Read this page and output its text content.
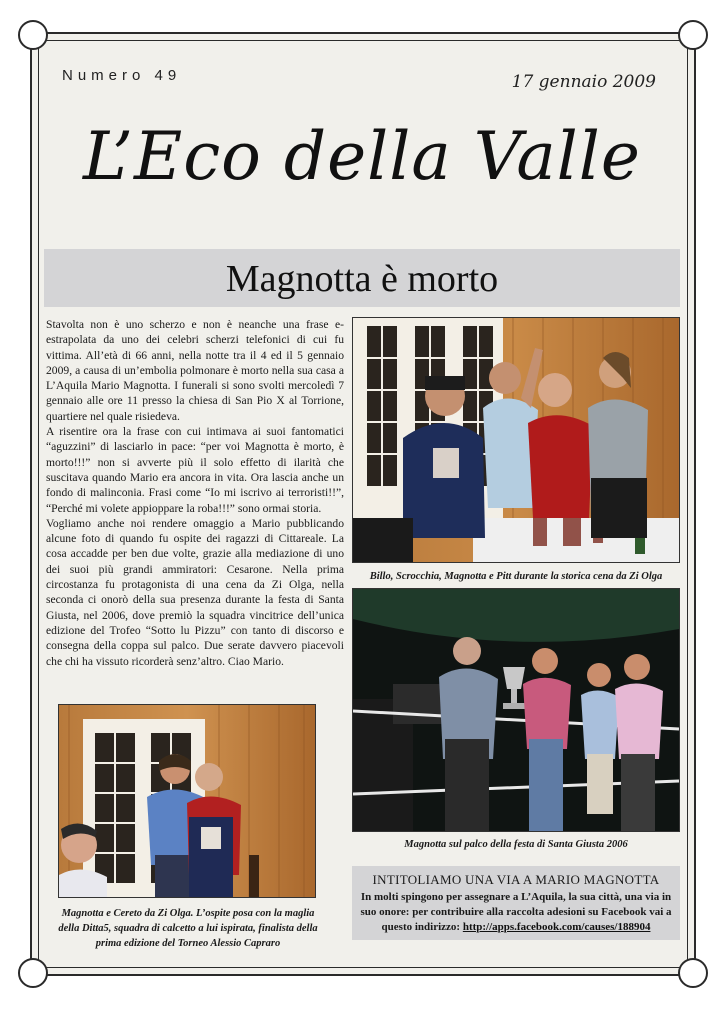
Numero 49	17 gennaio 2009
L’Eco della Valle
Magnotta è morto

Stavolta non è uno scherzo e non è neanche una frase e-estrapolata da uno dei celebri scherzi telefonici di cui fu vittima. All’età di 66 anni, nella notte tra il 4 ed il 5 gennaio 2009, a causa di un’embolia polmonare è morto nella sua casa a L’Aquila Mario Magnotta. I funerali si sono svolti mercoledì 7 gennaio alle ore 11 presso la chiesa di San Pio X al Torrione, quartiere nel quale risiedeva.

A risentire ora la frase con cui intimava ai suoi fantomatici “aguzzini” di lasciarlo in pace: “per voi Magnotta è morto, è morto!!!” non si avverte più il solo effetto di ilarità che suscitava quando Mario era ancora in vita. Ora lascia anche un fondo di malinconia. Frasi come “Io mi iscrivo ai terroristi!!”, “Perché mi volete appioppare la roba!!!” sono ormai storia.

Vogliamo anche noi rendere omaggio a Mario pubblicando alcune foto di quando fu ospite dei ragazzi di Cittareale. La cosa accadde per ben due volte, grazie alla mediazione di uno dei suoi più grandi ammiratori: Cesarone. Nella prima circostanza fu protagonista di una cena da Zi Olga, nella seconda ci onorò della sua presenza durante la festa di Santa Giusta, nel 2006, dove premiò la squadra vincitrice dell’unica edizione del Trofeo “Sotto lu Pizzu” con tanto di discorso e consegna della coppa sul palco. Due serate davvero piacevoli che chi ha vissuto ricorderà senz’altro. Ciao Mario.

Billo, Scrocchia, Magnotta e Pitt durante la storica cena da Zi Olga
Magnotta sul palco della festa di Santa Giusta 2006
Magnotta e Cereto da Zi Olga. L’ospite posa con la maglia della Ditta5, squadra di calcetto a lui ispirata, finalista della prima edizione del Torneo Alessio Capraro
INTITOLIAMO UNA VIA A MARIO MAGNOTTA
In molti spingono per assegnare a L’Aquila, la sua città, una via in suo onore: per contribuire alla raccolta adesioni su Facebook vai a questo indirizzo: http://apps.facebook.com/causes/188904
